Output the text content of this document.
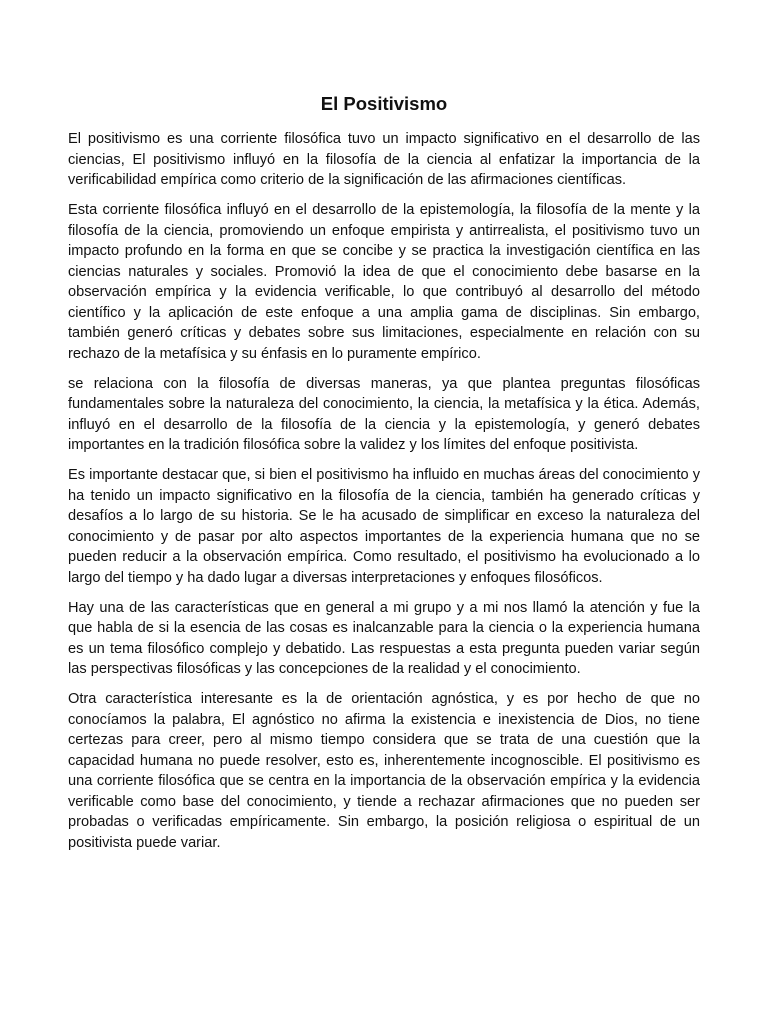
El Positivismo

El positivismo es una corriente filosófica tuvo un impacto significativo en el desarrollo de las ciencias, El positivismo influyó en la filosofía de la ciencia al enfatizar la importancia de la verificabilidad empírica como criterio de la significación de las afirmaciones científicas.

Esta corriente filosófica influyó en el desarrollo de la epistemología, la filosofía de la mente y la filosofía de la ciencia, promoviendo un enfoque empirista y antirrealista, el positivismo tuvo un impacto profundo en la forma en que se concibe y se practica la investigación científica en las ciencias naturales y sociales. Promovió la idea de que el conocimiento debe basarse en la observación empírica y la evidencia verificable, lo que contribuyó al desarrollo del método científico y la aplicación de este enfoque a una amplia gama de disciplinas. Sin embargo, también generó críticas y debates sobre sus limitaciones, especialmente en relación con su rechazo de la metafísica y su énfasis en lo puramente empírico.

se relaciona con la filosofía de diversas maneras, ya que plantea preguntas filosóficas fundamentales sobre la naturaleza del conocimiento, la ciencia, la metafísica y la ética. Además, influyó en el desarrollo de la filosofía de la ciencia y la epistemología, y generó debates importantes en la tradición filosófica sobre la validez y los límites del enfoque positivista.

Es importante destacar que, si bien el positivismo ha influido en muchas áreas del conocimiento y ha tenido un impacto significativo en la filosofía de la ciencia, también ha generado críticas y desafíos a lo largo de su historia. Se le ha acusado de simplificar en exceso la naturaleza del conocimiento y de pasar por alto aspectos importantes de la experiencia humana que no se pueden reducir a la observación empírica. Como resultado, el positivismo ha evolucionado a lo largo del tiempo y ha dado lugar a diversas interpretaciones y enfoques filosóficos.

Hay una de las características que en general a mi grupo y a mi nos llamó la atención y fue la que habla de si la esencia de las cosas es inalcanzable para la ciencia o la experiencia humana es un tema filosófico complejo y debatido. Las respuestas a esta pregunta pueden variar según las perspectivas filosóficas y las concepciones de la realidad y el conocimiento.

Otra característica interesante es la de orientación agnóstica, y es por hecho de que no conocíamos la palabra, El agnóstico no afirma la existencia e inexistencia de Dios, no tiene certezas para creer, pero al mismo tiempo considera que se trata de una cuestión que la capacidad humana no puede resolver, esto es, inherentemente incognoscible. El positivismo es una corriente filosófica que se centra en la importancia de la observación empírica y la evidencia verificable como base del conocimiento, y tiende a rechazar afirmaciones que no pueden ser probadas o verificadas empíricamente. Sin embargo, la posición religiosa o espiritual de un positivista puede variar.
